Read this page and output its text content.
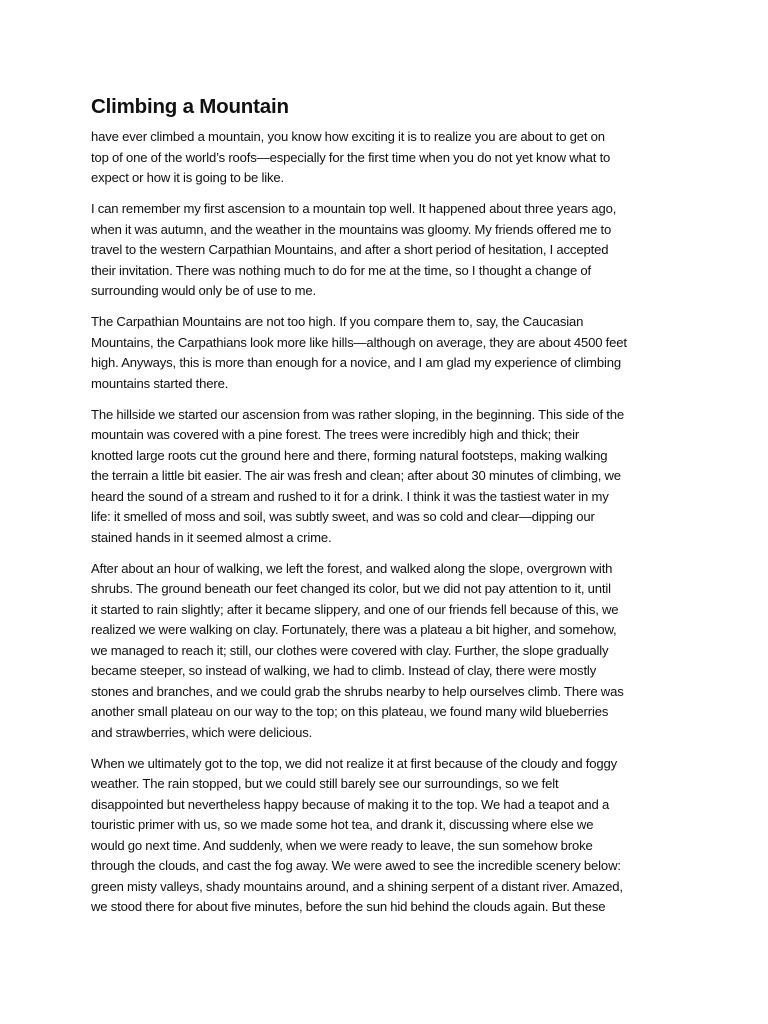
Climbing a Mountain

have ever climbed a mountain, you know how exciting it is to realize you are about to get on
top of one of the world’s roofs—especially for the first time when you do not yet know what to
expect or how it is going to be like.

I can remember my first ascension to a mountain top well. It happened about three years ago,
when it was autumn, and the weather in the mountains was gloomy. My friends offered me to
travel to the western Carpathian Mountains, and after a short period of hesitation, I accepted
their invitation. There was nothing much to do for me at the time, so I thought a change of
surrounding would only be of use to me.

The Carpathian Mountains are not too high. If you compare them to, say, the Caucasian
Mountains, the Carpathians look more like hills—although on average, they are about 4500 feet
high. Anyways, this is more than enough for a novice, and I am glad my experience of climbing
mountains started there.

The hillside we started our ascension from was rather sloping, in the beginning. This side of the
mountain was covered with a pine forest. The trees were incredibly high and thick; their
knotted large roots cut the ground here and there, forming natural footsteps, making walking
the terrain a little bit easier. The air was fresh and clean; after about 30 minutes of climbing, we
heard the sound of a stream and rushed to it for a drink. I think it was the tastiest water in my
life: it smelled of moss and soil, was subtly sweet, and was so cold and clear—dipping our
stained hands in it seemed almost a crime.

After about an hour of walking, we left the forest, and walked along the slope, overgrown with
shrubs. The ground beneath our feet changed its color, but we did not pay attention to it, until
it started to rain slightly; after it became slippery, and one of our friends fell because of this, we
realized we were walking on clay. Fortunately, there was a plateau a bit higher, and somehow,
we managed to reach it; still, our clothes were covered with clay. Further, the slope gradually
became steeper, so instead of walking, we had to climb. Instead of clay, there were mostly
stones and branches, and we could grab the shrubs nearby to help ourselves climb. There was
another small plateau on our way to the top; on this plateau, we found many wild blueberries
and strawberries, which were delicious.

When we ultimately got to the top, we did not realize it at first because of the cloudy and foggy
weather. The rain stopped, but we could still barely see our surroundings, so we felt
disappointed but nevertheless happy because of making it to the top. We had a teapot and a
touristic primer with us, so we made some hot tea, and drank it, discussing where else we
would go next time. And suddenly, when we were ready to leave, the sun somehow broke
through the clouds, and cast the fog away. We were awed to see the incredible scenery below:
green misty valleys, shady mountains around, and a shining serpent of a distant river. Amazed,
we stood there for about five minutes, before the sun hid behind the clouds again. But these
